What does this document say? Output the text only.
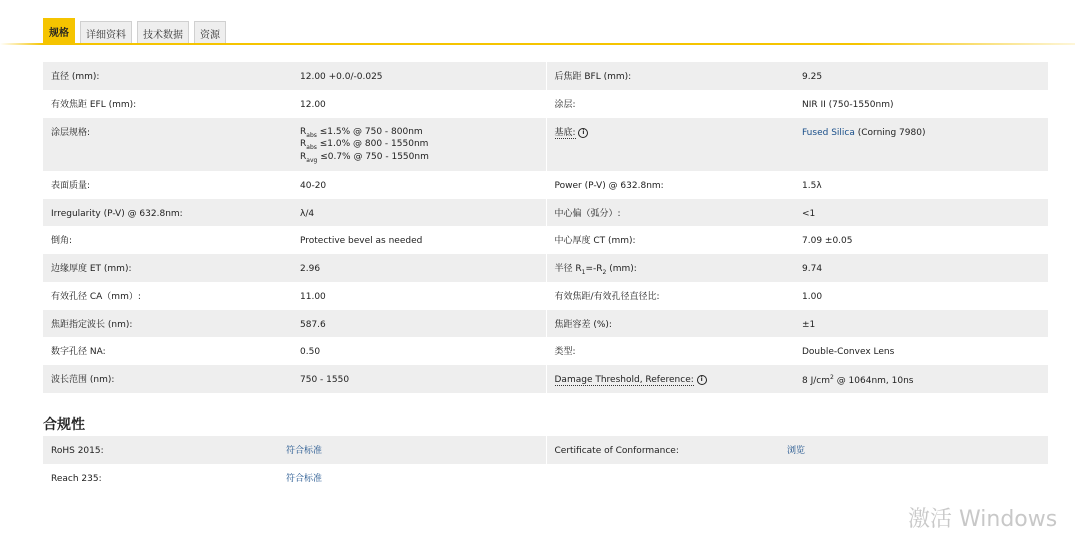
规格	详细资料	技术数据	资源
直径 (mm):	12.00 +0.0/-0.025	后焦距 BFL (mm):	9.25
有效焦距 EFL (mm):	12.00	涂层:	NIR II (750-1550nm)
涂层规格:	$R_{abs} \le 1.5\%$ @ 750 - 800nm
$R_{abs} \le 1.0\%$ @ 800 - 1550nm
$R_{avg} \le 0.7\%$ @ 750 - 1550nm	基底: i	Fused Silica (Corning 7980)
表面质量:	40-20	Power (P-V) @ 632.8nm:	1.5λ
Irregularity (P-V) @ 632.8nm:	λ/4	中心偏（弧分）:	<1
倒角:	Protective bevel as needed	中心厚度 CT (mm):	7.09 ±0.05
边缘厚度 ET (mm):	2.96	半径 $R_1=-R_2$ (mm):	9.74
有效孔径 CA（mm）:	11.00	有效焦距/有效孔径直径比:	1.00
焦距指定波长 (nm):	587.6	焦距容差 (%):	±1
数字孔径 NA:	0.50	类型:	Double-Convex Lens
波长范围 (nm):	750 - 1550	Damage Threshold, Reference: i	8 $J/cm^2$ @ 1064nm, 10ns
合规性
RoHS 2015:	符合标准	Certificate of Conformance:	浏览
Reach 235:	符合标准		
激活 Windows
